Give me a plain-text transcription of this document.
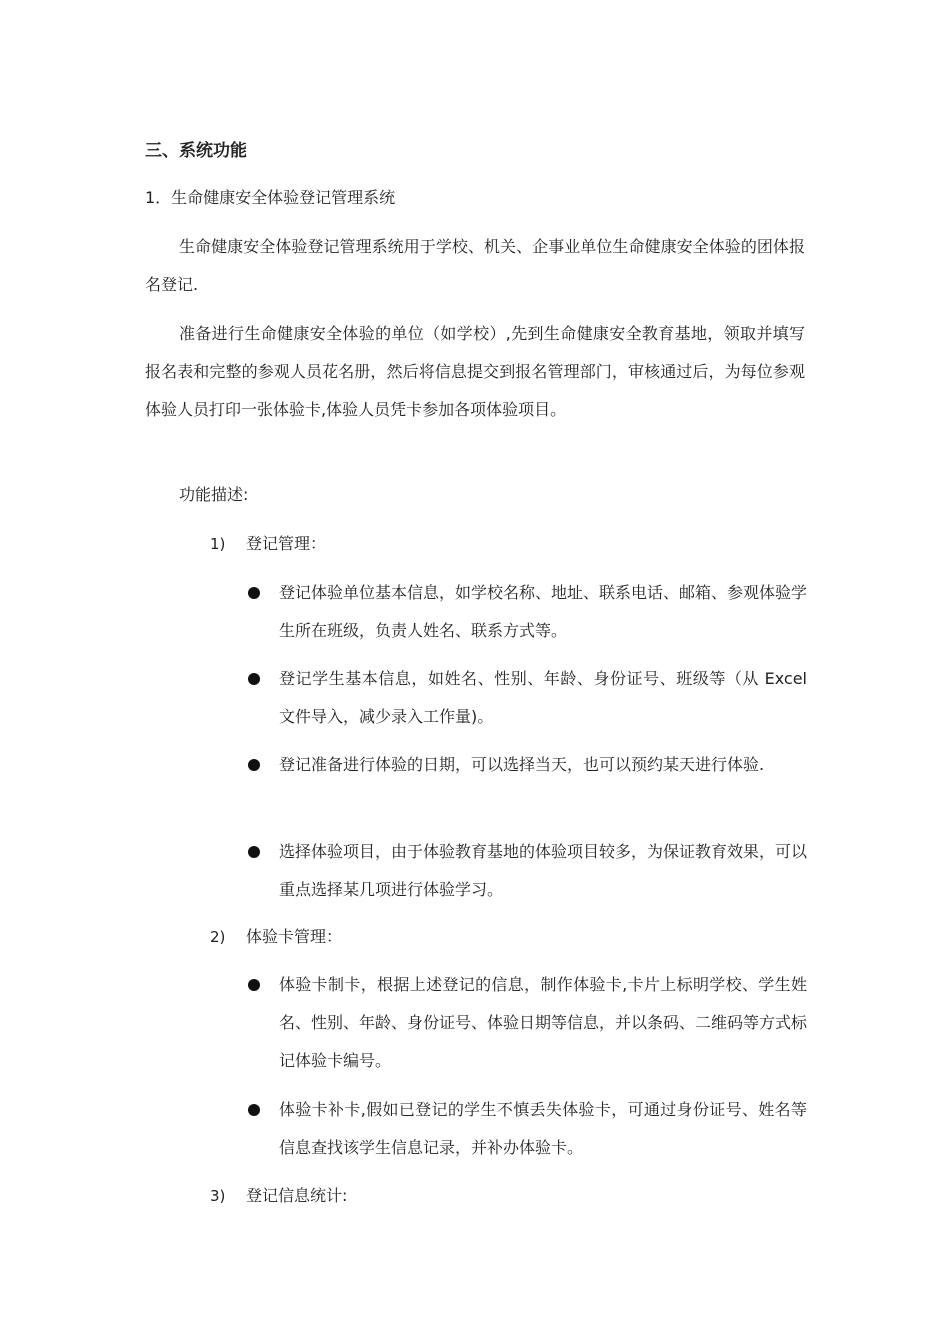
三、系统功能
1．生命健康安全体验登记管理系统
生命健康安全体验登记管理系统用于学校、机关、企事业单位生命健康安全体验的团体报名登记.
准备进行生命健康安全体验的单位（如学校）,先到生命健康安全教育基地，领取并填写报名表和完整的参观人员花名册，然后将信息提交到报名管理部门，审核通过后，为每位参观体验人员打印一张体验卡,体验人员凭卡参加各项体验项目。
功能描述:
1) 登记管理：
登记体验单位基本信息，如学校名称、地址、联系电话、邮箱、参观体验学生所在班级，负责人姓名、联系方式等。
登记学生基本信息，如姓名、性别、年龄、身份证号、班级等（从 Excel 文件导入，减少录入工作量)。
登记准备进行体验的日期，可以选择当天，也可以预约某天进行体验.
选择体验项目，由于体验教育基地的体验项目较多，为保证教育效果，可以重点选择某几项进行体验学习。
2) 体验卡管理：
体验卡制卡，根据上述登记的信息，制作体验卡,卡片上标明学校、学生姓名、性别、年龄、身份证号、体验日期等信息，并以条码、二维码等方式标记体验卡编号。
体验卡补卡,假如已登记的学生不慎丢失体验卡，可通过身份证号、姓名等信息查找该学生信息记录，并补办体验卡。
3) 登记信息统计:
